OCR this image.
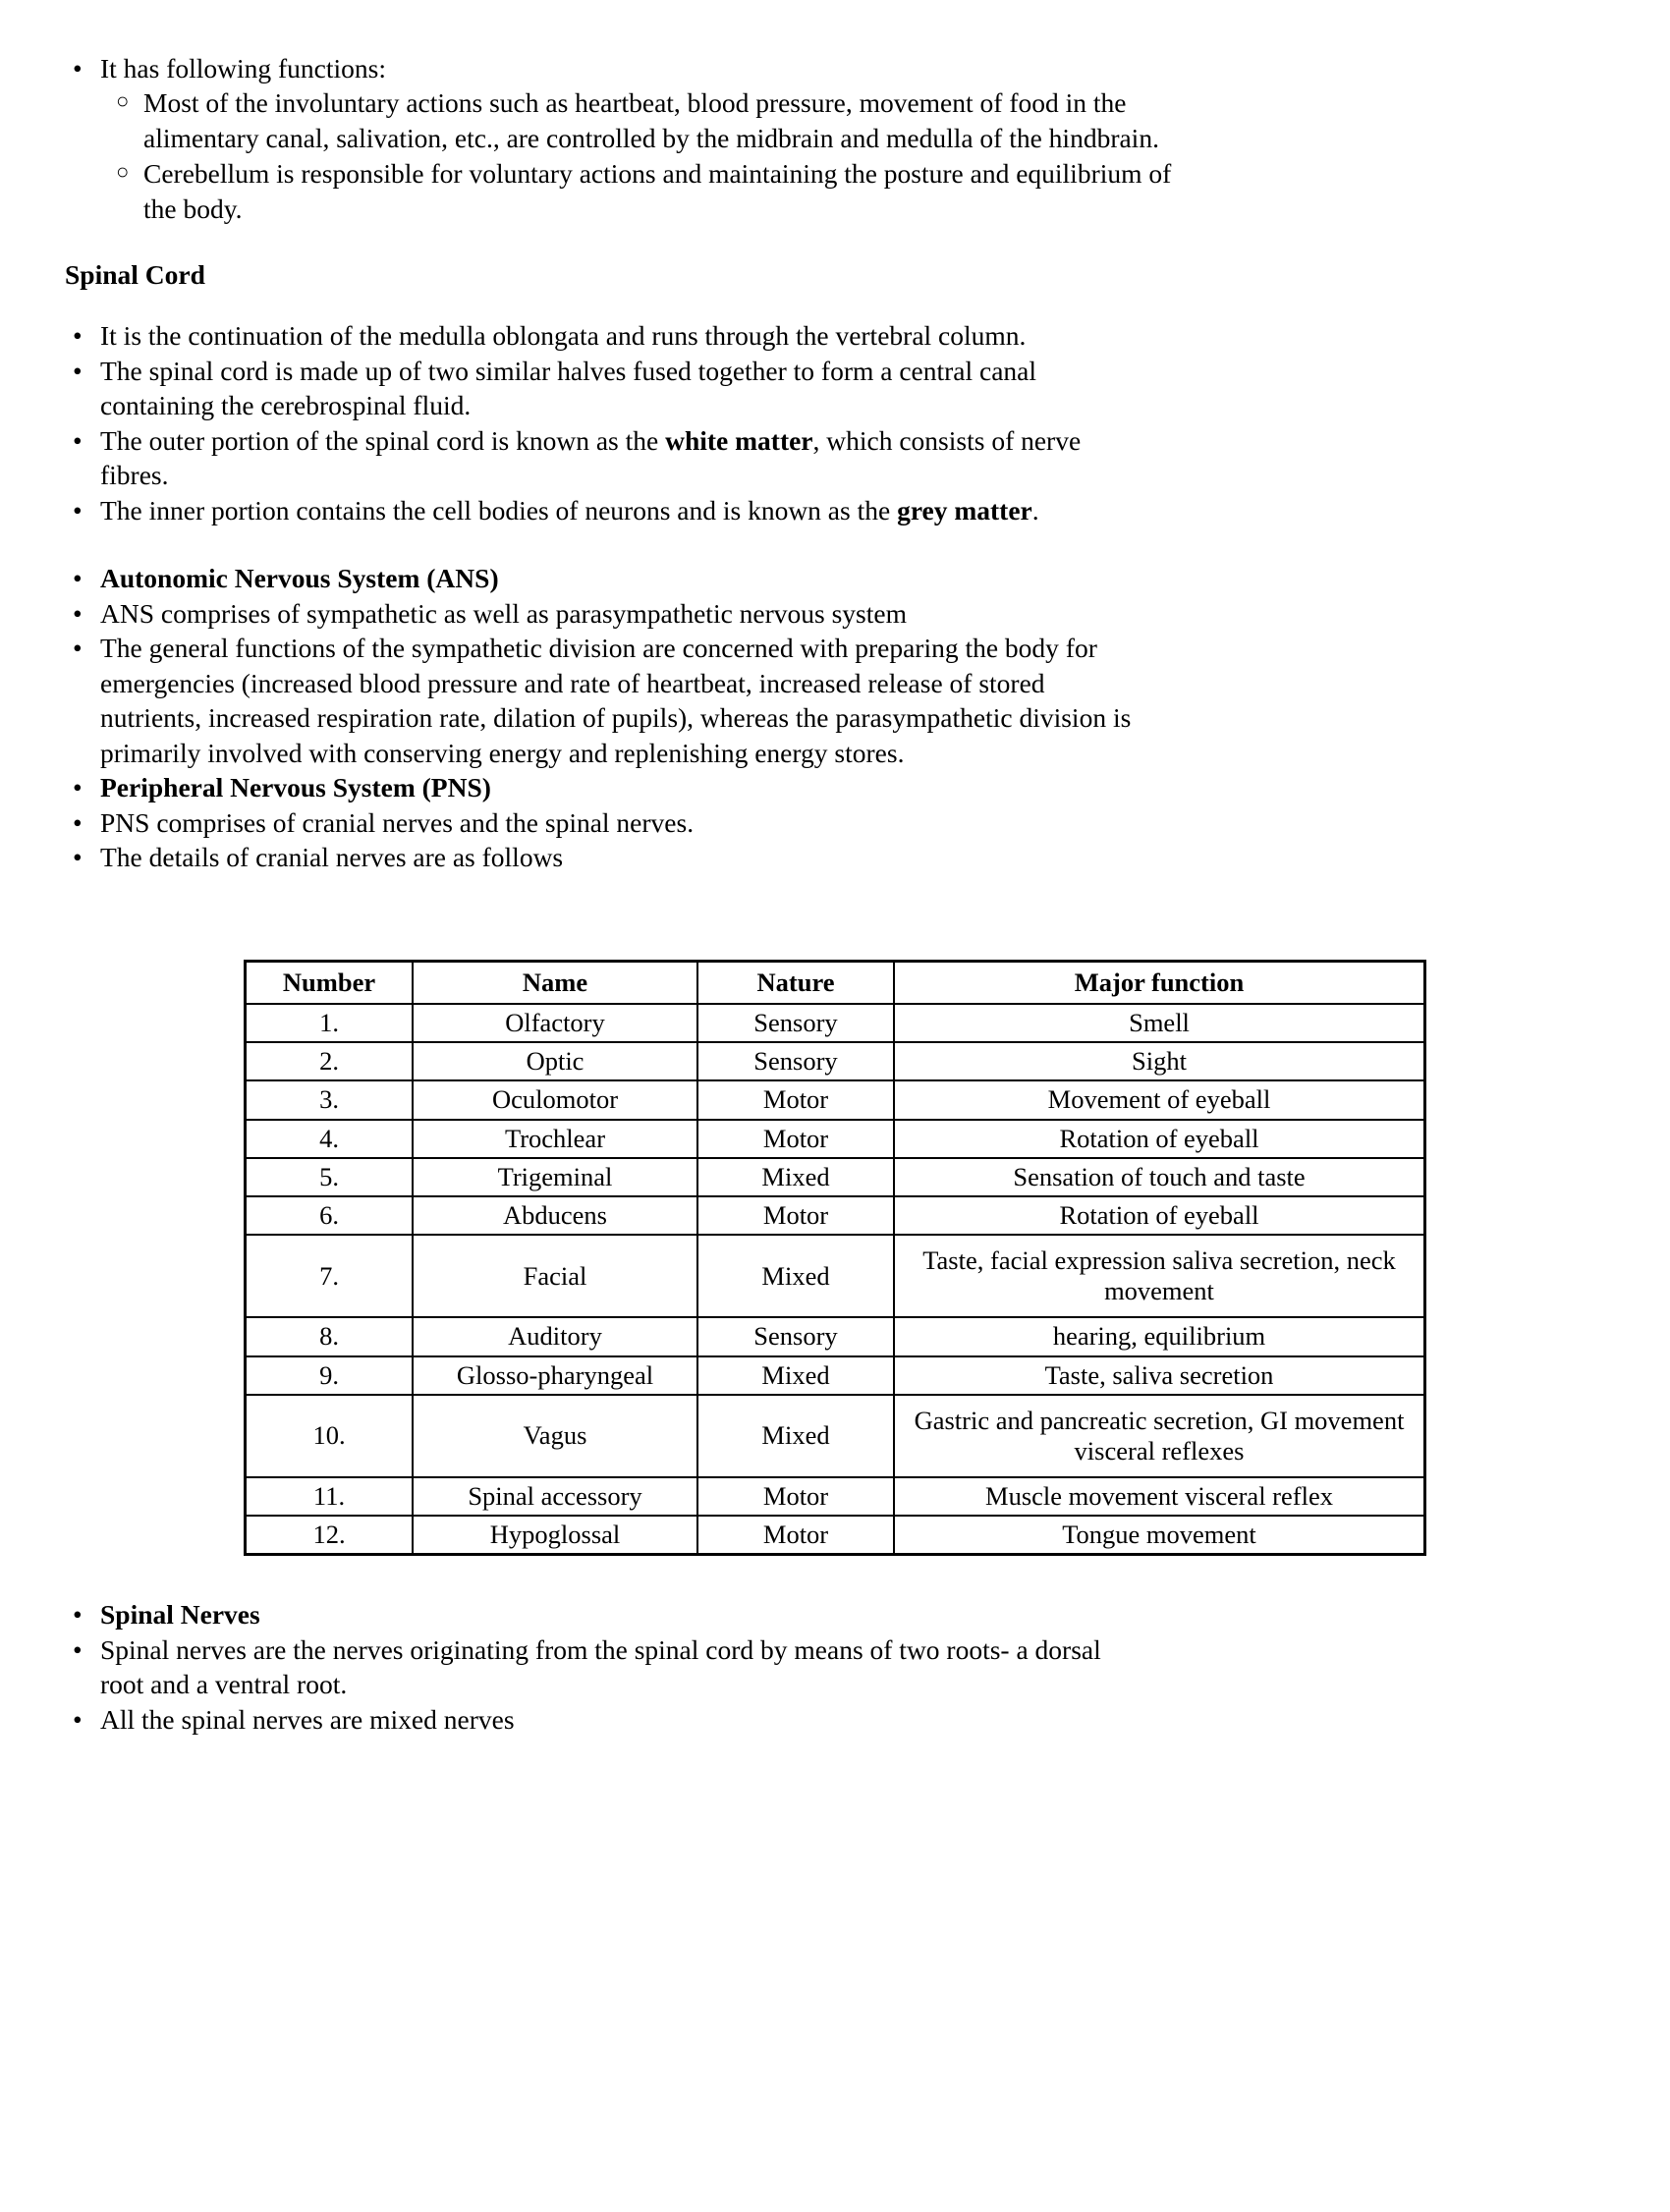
• It has following functions:
○ Most of the involuntary actions such as heartbeat, blood pressure, movement of food in the alimentary canal, salivation, etc., are controlled by the midbrain and medulla of the hindbrain.
○ Cerebellum is responsible for voluntary actions and maintaining the posture and equilibrium of the body.
Spinal Cord
• It is the continuation of the medulla oblongata and runs through the vertebral column.
• The spinal cord is made up of two similar halves fused together to form a central canal containing the cerebrospinal fluid.
• The outer portion of the spinal cord is known as the white matter, which consists of nerve fibres.
• The inner portion contains the cell bodies of neurons and is known as the grey matter.
• Autonomic Nervous System (ANS)
• ANS comprises of sympathetic as well as parasympathetic nervous system
• The general functions of the sympathetic division are concerned with preparing the body for emergencies (increased blood pressure and rate of heartbeat, increased release of stored nutrients, increased respiration rate, dilation of pupils), whereas the parasympathetic division is primarily involved with conserving energy and replenishing energy stores.
• Peripheral Nervous System (PNS)
• PNS comprises of cranial nerves and the spinal nerves.
• The details of cranial nerves are as follows
Number	Name	Nature	Major function
1.	Olfactory	Sensory	Smell
2.	Optic	Sensory	Sight
3.	Oculomotor	Motor	Movement of eyeball
4.	Trochlear	Motor	Rotation of eyeball
5.	Trigeminal	Mixed	Sensation of touch and taste
6.	Abducens	Motor	Rotation of eyeball
7.	Facial	Mixed	Taste, facial expression saliva secretion, neck movement
8.	Auditory	Sensory	hearing, equilibrium
9.	Glosso-pharyngeal	Mixed	Taste, saliva secretion
10.	Vagus	Mixed	Gastric and pancreatic secretion, GI movement visceral reflexes
11.	Spinal accessory	Motor	Muscle movement visceral reflex
12.	Hypoglossal	Motor	Tongue movement
• Spinal Nerves
• Spinal nerves are the nerves originating from the spinal cord by means of two roots- a dorsal root and a ventral root.
• All the spinal nerves are mixed nerves
